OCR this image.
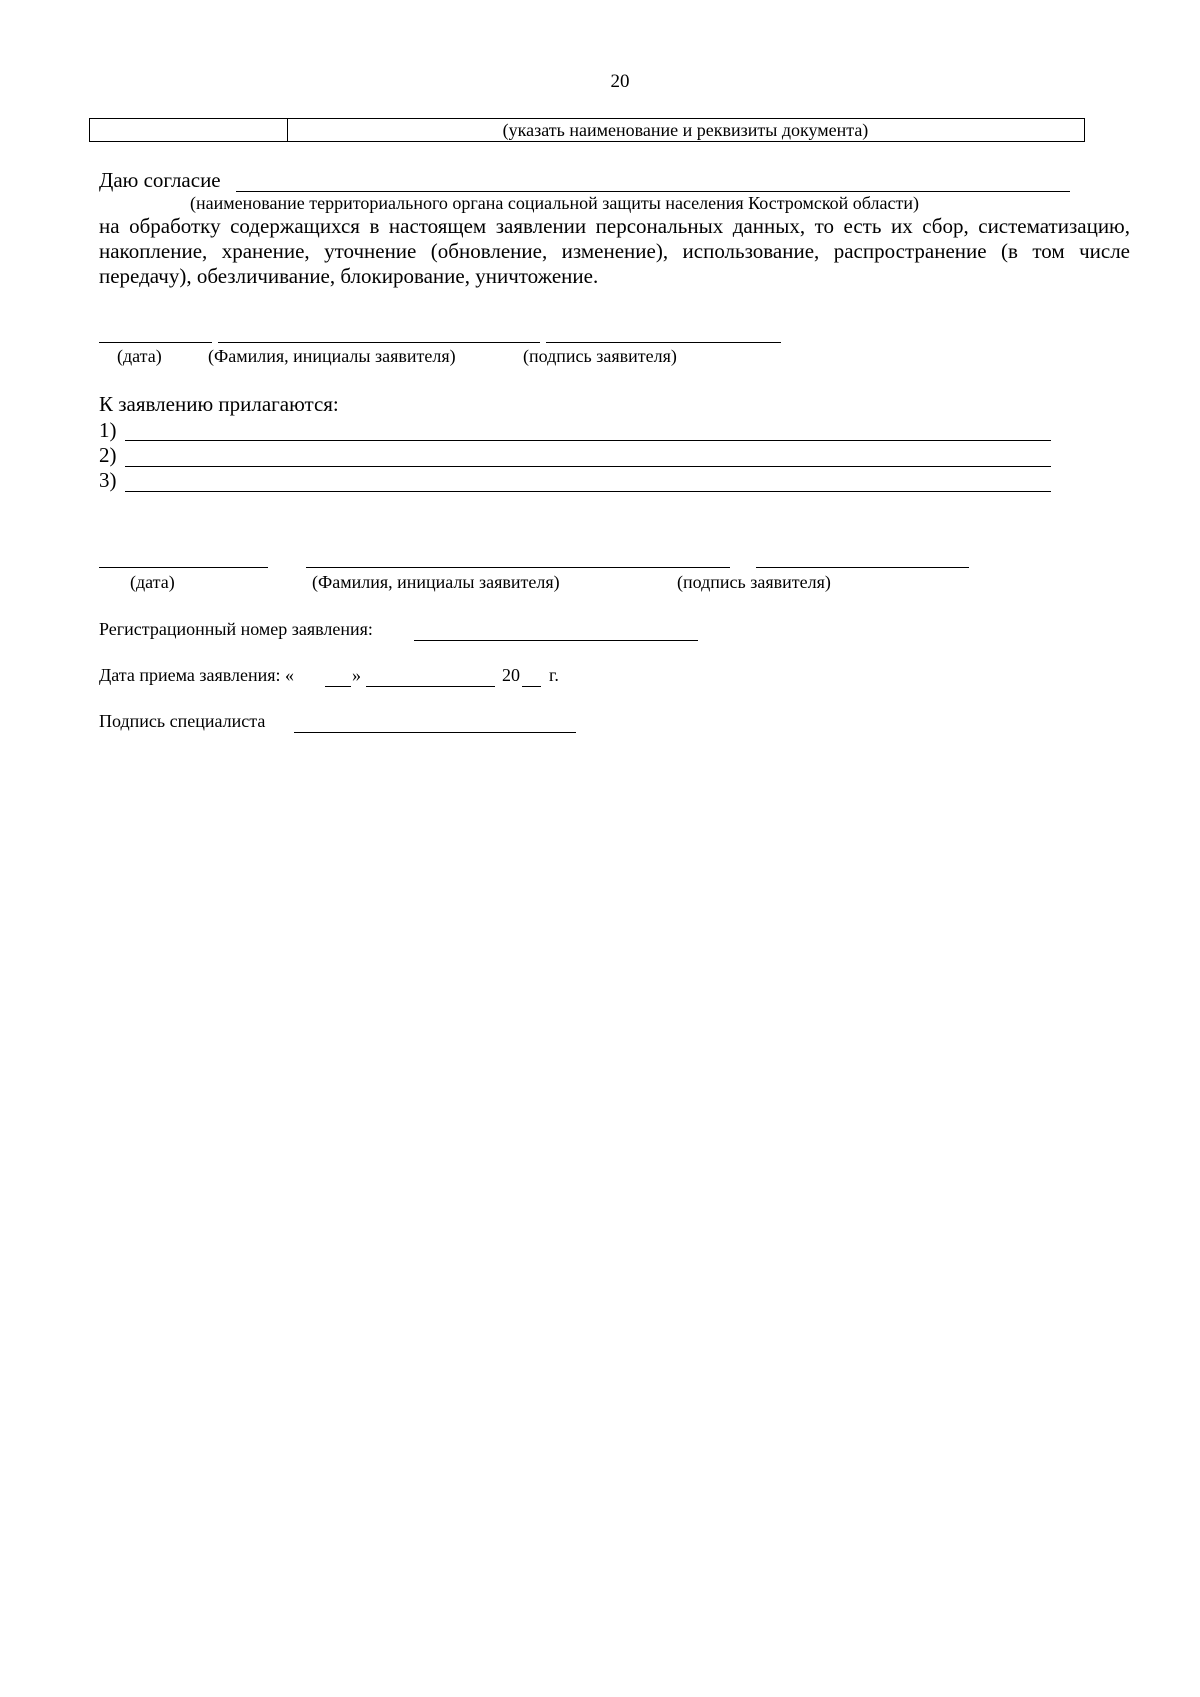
20
(указать наименование и реквизиты документа)
Даю согласие
(наименование территориального органа социальной защиты населения Костромской области)
на обработку содержащихся в настоящем заявлении персональных данных, то есть их сбор, систематизацию, накопление, хранение, уточнение (обновление, изменение), использование, распространение (в том числе передачу), обезличивание, блокирование, уничтожение.
(дата)	(Фамилия, инициалы заявителя)	(подпись заявителя)
К заявлению прилагаются:
1)
2)
3)
(дата)	(Фамилия, инициалы заявителя)	(подпись заявителя)
Регистрационный номер заявления:
Дата приема заявления: «	»	20 г.
Подпись специалиста
